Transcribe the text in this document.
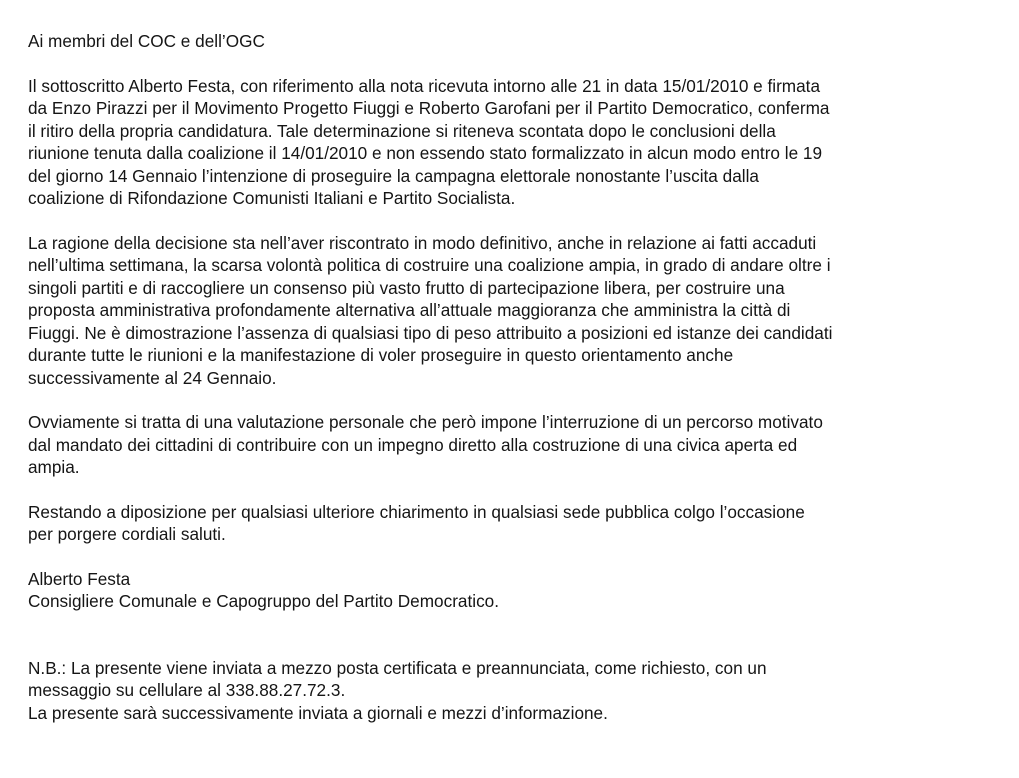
Ai membri del COC e dell’OGC

Il sottoscritto Alberto Festa, con riferimento alla nota ricevuta intorno alle 21 in data 15/01/2010 e firmata
da Enzo Pirazzi per il Movimento Progetto Fiuggi e Roberto Garofani per il Partito Democratico, conferma
il ritiro della propria candidatura. Tale determinazione si riteneva scontata dopo le conclusioni della
riunione tenuta dalla coalizione il 14/01/2010 e non essendo stato formalizzato in alcun modo entro le 19
del giorno 14 Gennaio l’intenzione di proseguire la campagna elettorale nonostante l’uscita dalla
coalizione di Rifondazione Comunisti Italiani e Partito Socialista.

La ragione della decisione sta nell’aver riscontrato in modo definitivo, anche in relazione ai fatti accaduti
nell’ultima settimana, la scarsa volontà politica di costruire una coalizione ampia, in grado di andare oltre i
singoli partiti e di raccogliere un consenso più vasto frutto di partecipazione libera, per costruire una
proposta amministrativa profondamente alternativa all’attuale maggioranza che amministra la città di
Fiuggi. Ne è dimostrazione l’assenza di qualsiasi tipo di peso attribuito a posizioni ed istanze dei candidati
durante tutte le riunioni e la manifestazione di voler proseguire in questo orientamento anche
successivamente al 24 Gennaio.

Ovviamente si tratta di una valutazione personale che però impone l’interruzione di un percorso motivato
dal mandato dei cittadini di contribuire con un impegno diretto alla costruzione di una civica aperta ed
ampia.

Restando a diposizione per qualsiasi ulteriore chiarimento in qualsiasi sede pubblica colgo l’occasione
per porgere cordiali saluti.

Alberto Festa
Consigliere Comunale e Capogruppo del Partito Democratico.

N.B.: La presente viene inviata a mezzo posta certificata e preannunciata, come richiesto, con un
messaggio su cellulare al 338.88.27.72.3.
La presente sarà successivamente inviata a giornali e mezzi d’informazione.
